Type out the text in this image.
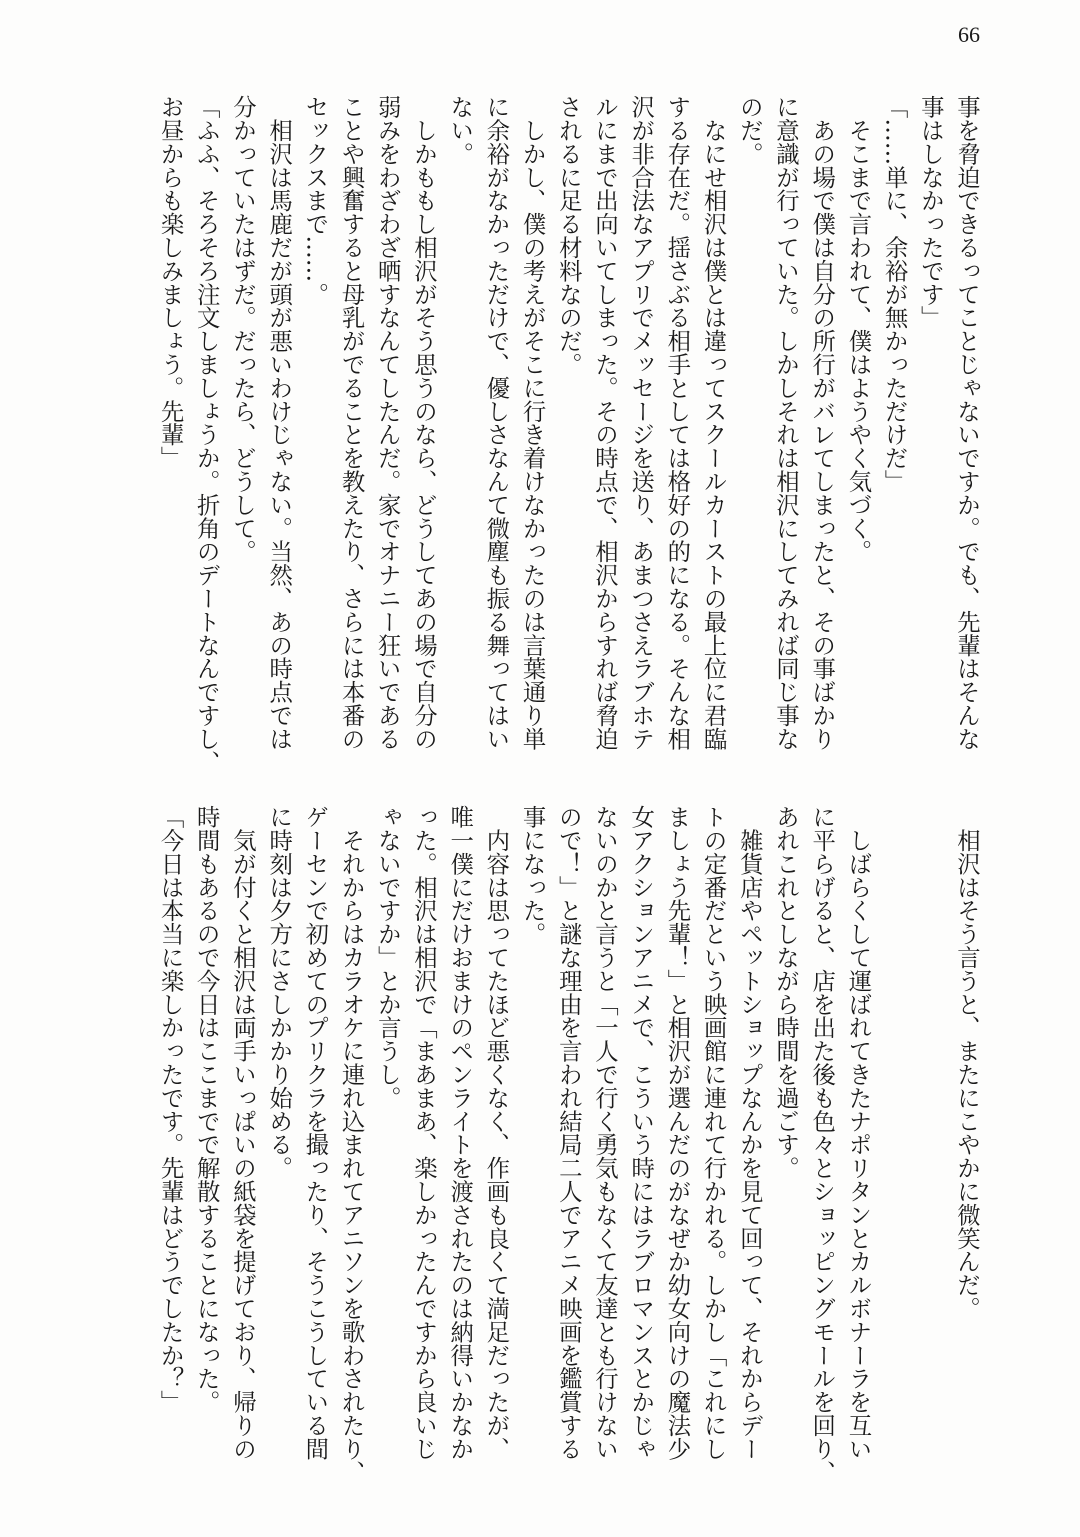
66
事を脅迫できるってことじゃないですか。でも、先輩はそんな
事はしなかったです」
「……単に、余裕が無かっただけだ」
　そこまで言われて、僕はようやく気づく。
　あの場で僕は自分の所行がバレてしまったと、その事ばかり
に意識が行っていた。しかしそれは相沢にしてみれば同じ事な
のだ。
　なにせ相沢は僕とは違ってスクールカーストの最上位に君臨
する存在だ。揺さぶる相手としては格好の的になる。そんな相
沢が非合法なアプリでメッセージを送り、あまつさえラブホテ
ルにまで出向いてしまった。その時点で、相沢からすれば脅迫
されるに足る材料なのだ。
　しかし、僕の考えがそこに行き着けなかったのは言葉通り単
に余裕がなかっただけで、優しさなんて微塵も振る舞ってはい
ない。
　しかももし相沢がそう思うのなら、どうしてあの場で自分の
弱みをわざわざ晒すなんてしたんだ。家でオナニー狂いである
ことや興奮すると母乳がでることを教えたり、さらには本番の
セックスまで……。
　相沢は馬鹿だが頭が悪いわけじゃない。当然、あの時点では
分かっていたはずだ。だったら、どうして。
「ふふ、そろそろ注文しましょうか。折角のデートなんですし、
お昼からも楽しみましょう。先輩」
　相沢はそう言うと、またにこやかに微笑んだ。
　しばらくして運ばれてきたナポリタンとカルボナーラを互い
に平らげると、店を出た後も色々とショッピングモールを回り、
あれこれとしながら時間を過ごす。
　雑貨店やペットショップなんかを見て回って、それからデー
トの定番だという映画館に連れて行かれる。しかし「これにし
ましょう先輩！」と相沢が選んだのがなぜか幼女向けの魔法少
女アクションアニメで、こういう時にはラブロマンスとかじゃ
ないのかと言うと「一人で行く勇気もなくて友達とも行けない
ので！」と謎な理由を言われ結局二人でアニメ映画を鑑賞する
事になった。
　内容は思ってたほど悪くなく、作画も良くて満足だったが、
唯一僕にだけおまけのペンライトを渡されたのは納得いかなか
った。相沢は相沢で「まあまあ、楽しかったんですから良いじ
ゃないですか」とか言うし。
　それからはカラオケに連れ込まれてアニソンを歌わされたり、
ゲーセンで初めてのプリクラを撮ったり、そうこうしている間
に時刻は夕方にさしかかり始める。
　気が付くと相沢は両手いっぱいの紙袋を提げており、帰りの
時間もあるので今日はここまでで解散することになった。
「今日は本当に楽しかったです。先輩はどうでしたか？」
